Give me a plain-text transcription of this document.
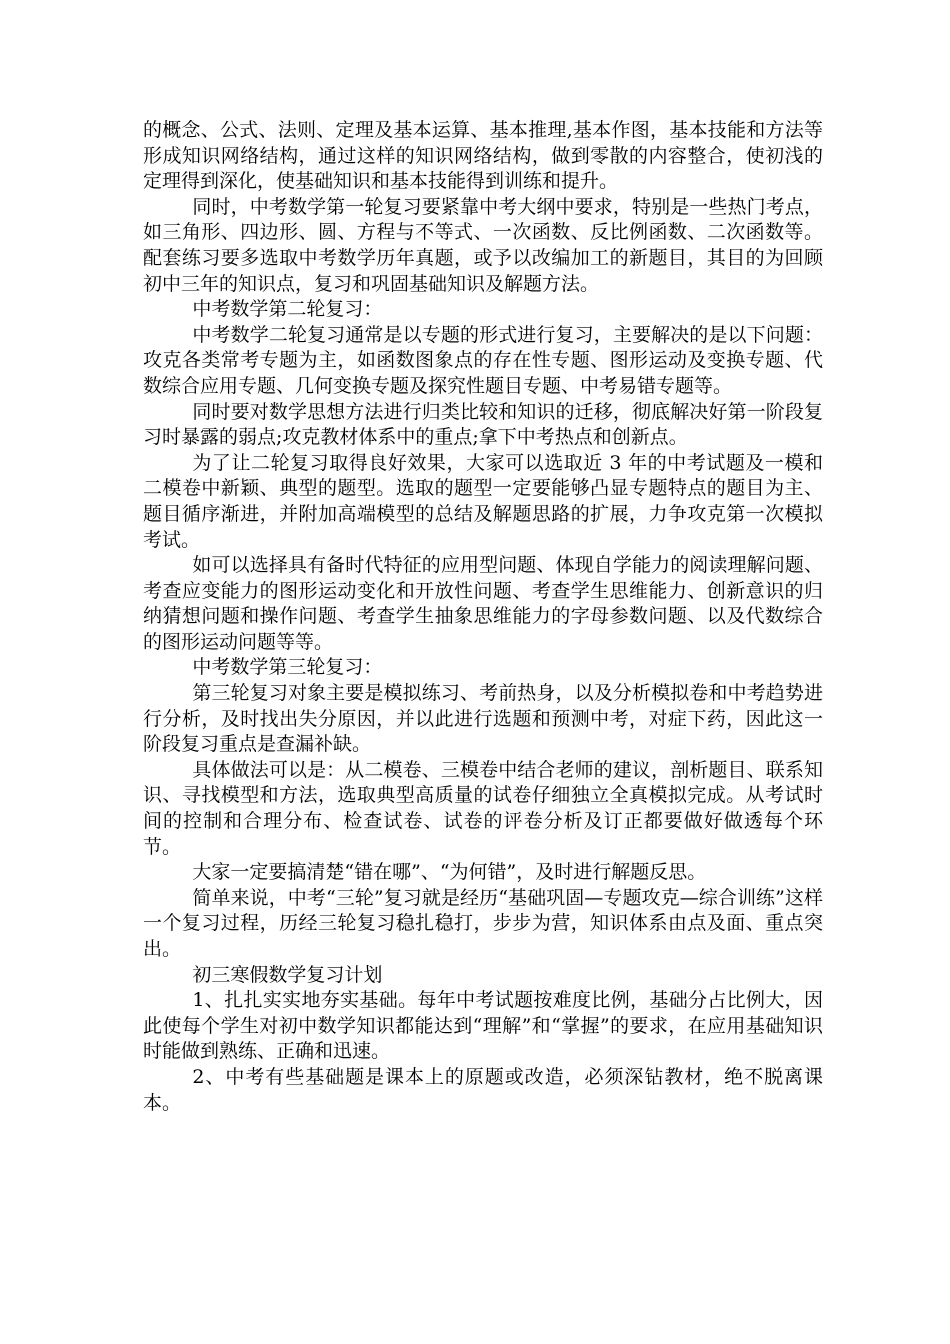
的概念、公式、法则、定理及基本运算、基本推理,基本作图，基本技能和方法等形成知识网络结构，通过这样的知识网络结构，做到零散的内容整合，使初浅的定理得到深化，使基础知识和基本技能得到训练和提升。

同时，中考数学第一轮复习要紧靠中考大纲中要求，特别是一些热门考点，如三角形、四边形、圆、方程与不等式、一次函数、反比例函数、二次函数等。配套练习要多选取中考数学历年真题，或予以改编加工的新题目，其目的为回顾初中三年的知识点，复习和巩固基础知识及解题方法。

中考数学第二轮复习：

中考数学二轮复习通常是以专题的形式进行复习，主要解决的是以下问题：攻克各类常考专题为主，如函数图象点的存在性专题、图形运动及变换专题、代数综合应用专题、几何变换专题及探究性题目专题、中考易错专题等。

同时要对数学思想方法进行归类比较和知识的迁移，彻底解决好第一阶段复习时暴露的弱点;攻克教材体系中的重点;拿下中考热点和创新点。

为了让二轮复习取得良好效果，大家可以选取近 3 年的中考试题及一模和二模卷中新颖、典型的题型。选取的题型一定要能够凸显专题特点的题目为主、题目循序渐进，并附加高端模型的总结及解题思路的扩展，力争攻克第一次模拟考试。

如可以选择具有备时代特征的应用型问题、体现自学能力的阅读理解问题、考查应变能力的图形运动变化和开放性问题、考查学生思维能力、创新意识的归纳猜想问题和操作问题、考查学生抽象思维能力的字母参数问题、以及代数综合的图形运动问题等等。

中考数学第三轮复习：

第三轮复习对象主要是模拟练习、考前热身，以及分析模拟卷和中考趋势进行分析，及时找出失分原因，并以此进行选题和预测中考，对症下药，因此这一阶段复习重点是查漏补缺。

具体做法可以是：从二模卷、三模卷中结合老师的建议，剖析题目、联系知识、寻找模型和方法，选取典型高质量的试卷仔细独立全真模拟完成。从考试时间的控制和合理分布、检查试卷、试卷的评卷分析及订正都要做好做透每个环节。

大家一定要搞清楚“错在哪”、“为何错”，及时进行解题反思。

简单来说，中考“三轮”复习就是经历“基础巩固—专题攻克—综合训练”这样一个复习过程，历经三轮复习稳扎稳打，步步为营，知识体系由点及面、重点突出。

初三寒假数学复习计划

1、扎扎实实地夯实基础。每年中考试题按难度比例，基础分占比例大，因此使每个学生对初中数学知识都能达到“理解”和“掌握”的要求，在应用基础知识时能做到熟练、正确和迅速。

2、中考有些基础题是课本上的原题或改造，必须深钻教材，绝不脱离课本。
